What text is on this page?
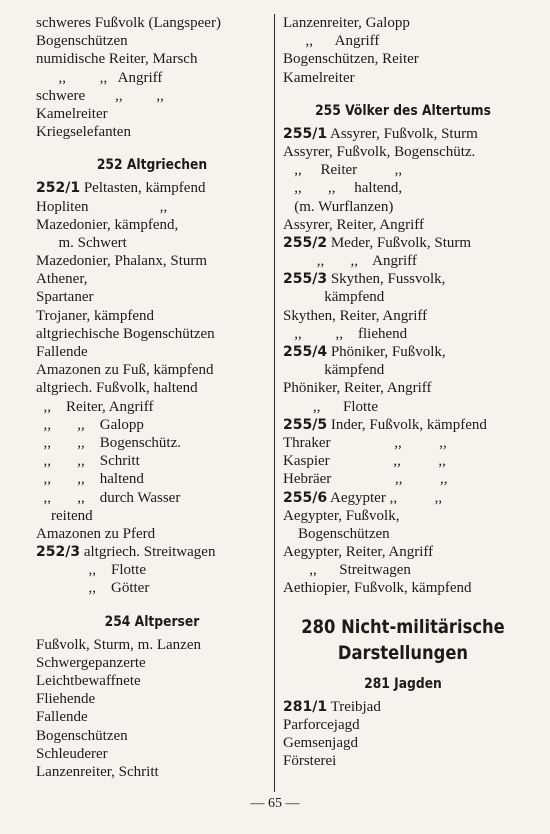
schweres Fußvolk (Langspeer)
Bogenschützen
numidische Reiter, Marsch
,,         ,,   Angriff
schwere        ,,         ,,
Kamelreiter
Kriegselefanten
252 Altgriechen
252/1 Peltasten, kämpfend
Hopliten                   ,,
Mazedonier, kämpfend,
m. Schwert
Mazedonier, Phalanx, Sturm
Athener,
Spartaner
Trojaner, kämpfend
altgriechische Bogenschützen
Fallende
Amazonen zu Fuß, kämpfend
altgriech. Fußvolk, haltend
,,    Reiter, Angriff
,,       ,,    Galopp
,,       ,,    Bogenschütz.
,,       ,,    Schritt
,,       ,,    haltend
,,       ,,    durch Wasser
reitend
Amazonen zu Pferd
252/3 altgriech. Streitwagen
,,    Flotte
,,    Götter
254 Altperser
Fußvolk, Sturm, m. Lanzen
Schwergepanzerte
Leichtbewaffnete
Fliehende
Fallende
Bogenschützen
Schleuderer
Lanzenreiter, Schritt
Lanzenreiter, Galopp
,,      Angriff
Bogenschützen, Reiter
Kamelreiter
255 Völker des Altertums
255/1 Assyrer, Fußvolk, Sturm
Assyrer, Fußvolk, Bogenschütz.
,,     Reiter          ,,
,,       ,,     haltend,
(m. Wurflanzen)
Assyrer, Reiter, Angriff
255/2 Meder, Fußvolk, Sturm
,,       ,,    Angriff
255/3 Skythen, Fussvolk,
kämpfend
Skythen, Reiter, Angriff
,,         ,,    fliehend
255/4 Phöniker, Fußvolk,
kämpfend
Phöniker, Reiter, Angriff
,,      Flotte
255/5 Inder, Fußvolk, kämpfend
Thraker                 ,,          ,,
Kaspier                 ,,          ,,
Hebräer                 ,,          ,,
255/6 Aegypter ,,          ,,
Aegypter, Fußvolk,
Bogenschützen
Aegypter, Reiter, Angriff
,,      Streitwagen
Aethiopier, Fußvolk, kämpfend
280 Nicht-militärische
Darstellungen
281 Jagden
281/1 Treibjad
Parforcejagd
Gemsenjagd
Försterei
— 65 —
